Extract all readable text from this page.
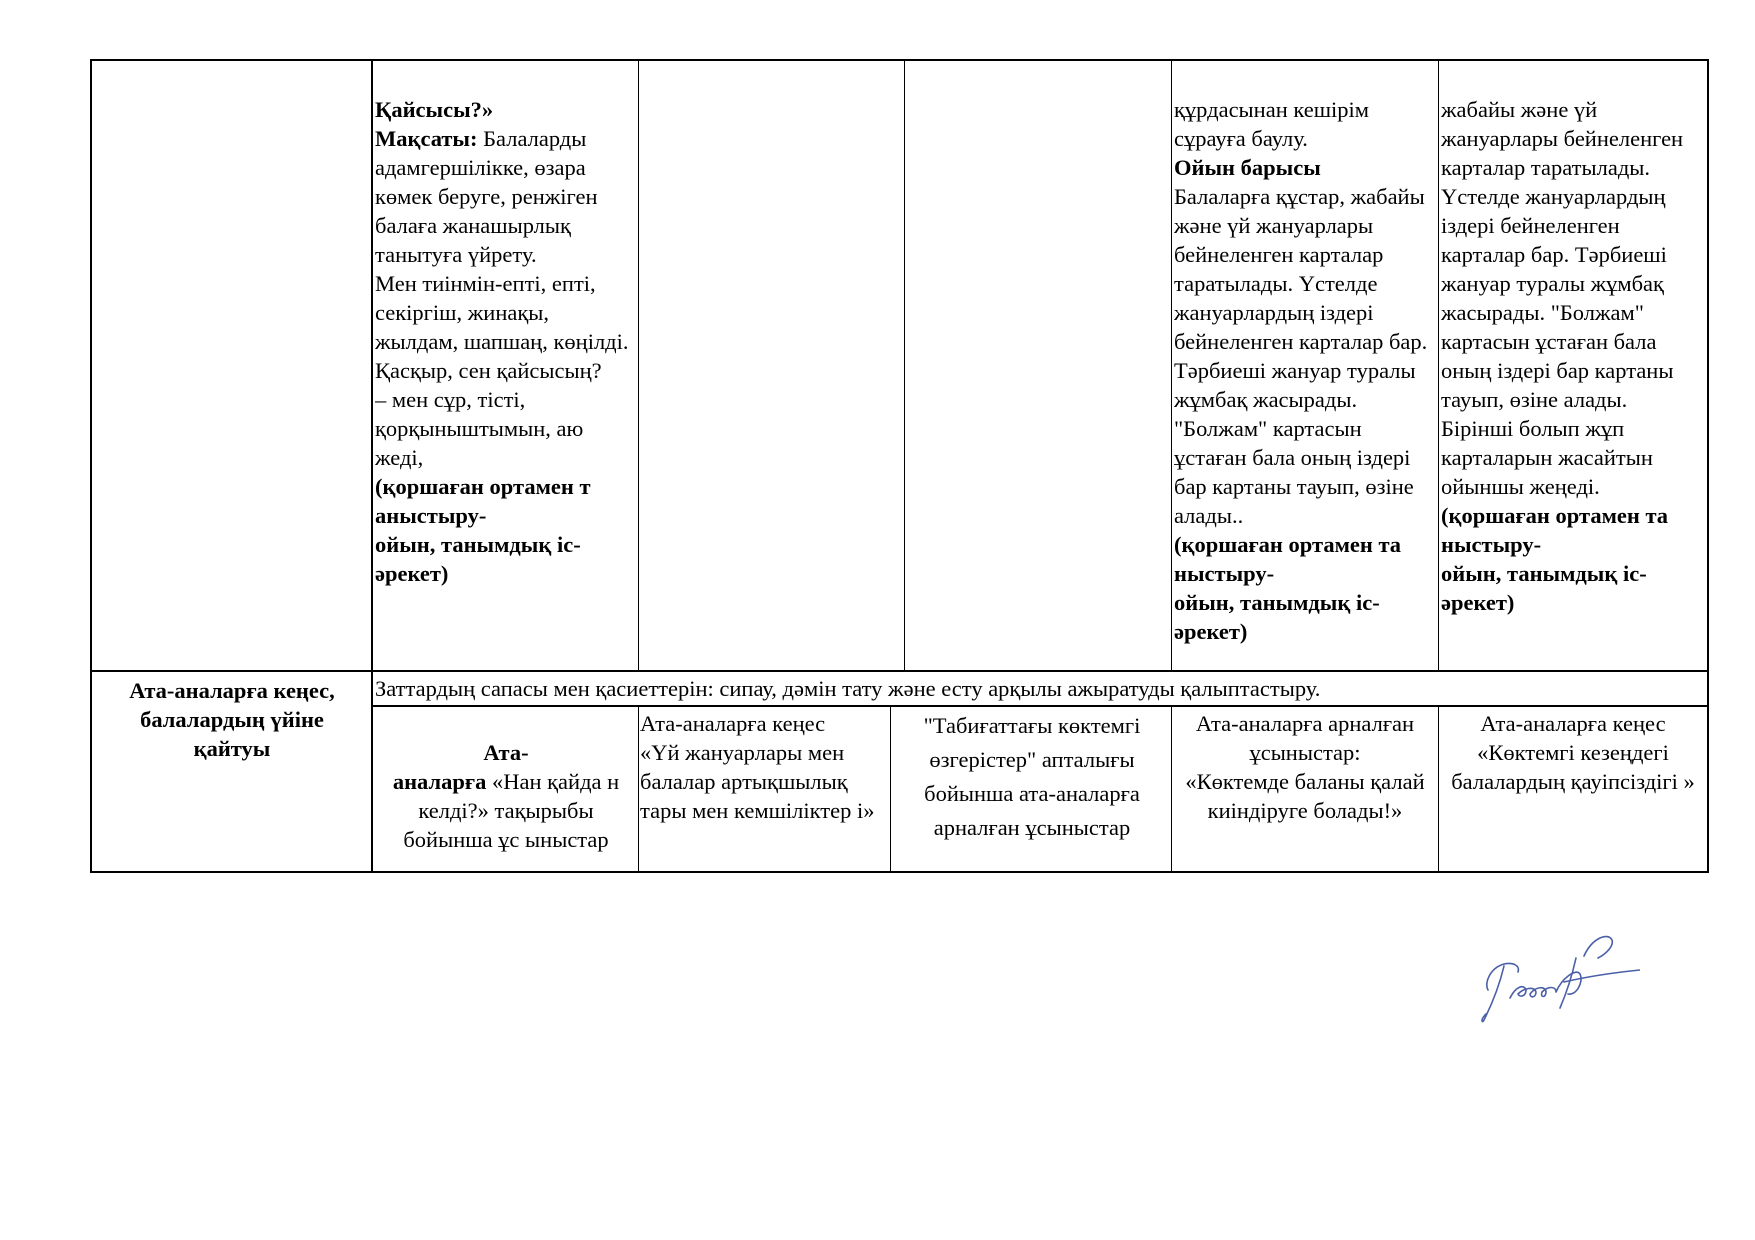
Қайсысы?»

Мақсаты: Балаларды адамгершілікке, өзара көмек беруге, ренжіген балаға жанашырлық танытуға үйрету.
Мен тиінмін-епті, епті, секіргіш, жинақы, жылдам, шапшаң, көңілді.
Қасқыр, сен қайсысың?
– мен сұр, тісті, қорқыныштымын, аю жеді,
(қоршаған ортамен т аныстыру-
ойын, танымдық іс-әрекет)

құрдасынан кешірім сұрауға баулу.
Ойын барысы
Балаларға құстар, жабайы және үй жануарлары бейнеленген карталар таратылады. Үстелде жануарлардың іздері бейнеленген карталар бар. Тәрбиеші жануар туралы жұмбақ жасырады. "Болжам" картасын ұстаған бала оның іздері бар картаны тауып, өзіне алады..
(қоршаған ортамен та ныстыру-
ойын, танымдық іс-әрекет)

жабайы және үй жануарлары бейнеленген карталар таратылады. Үстелде жануарлардың іздері бейнеленген карталар бар. Тәрбиеші жануар туралы жұмбақ жасырады. "Болжам" картасын ұстаған бала оның іздері бар картаны тауып, өзіне алады. Бірінші болып жұп карталарын жасайтын ойыншы жеңеді.
(қоршаған ортамен та ныстыру-
ойын, танымдық іс-әрекет)

Ата-аналарға кеңес, балалардың үйіне қайтуы
Заттардың сапасы мен қасиеттерін: сипау, дәмін тату және есту арқылы ажыратуды қалыптастыру.

Ата-
аналарға «Нан қайда н келді?» тақырыбы бойынша ұс ыныстар

Ата-аналарға кеңес
«Үй жануарлары мен балалар артықшылық тары мен кемшіліктер і»
"Табиғаттағы көктемгі өзгерістер" апталығы бойынша ата-аналарға арналған ұсыныстар
Ата-аналарға арналған ұсыныстар:
«Көктемде баланы қалай киіндіруге болады!»
Ата-аналарға кеңес «Көктемгі кезеңдегі балалардың қауіпсіздігі »
